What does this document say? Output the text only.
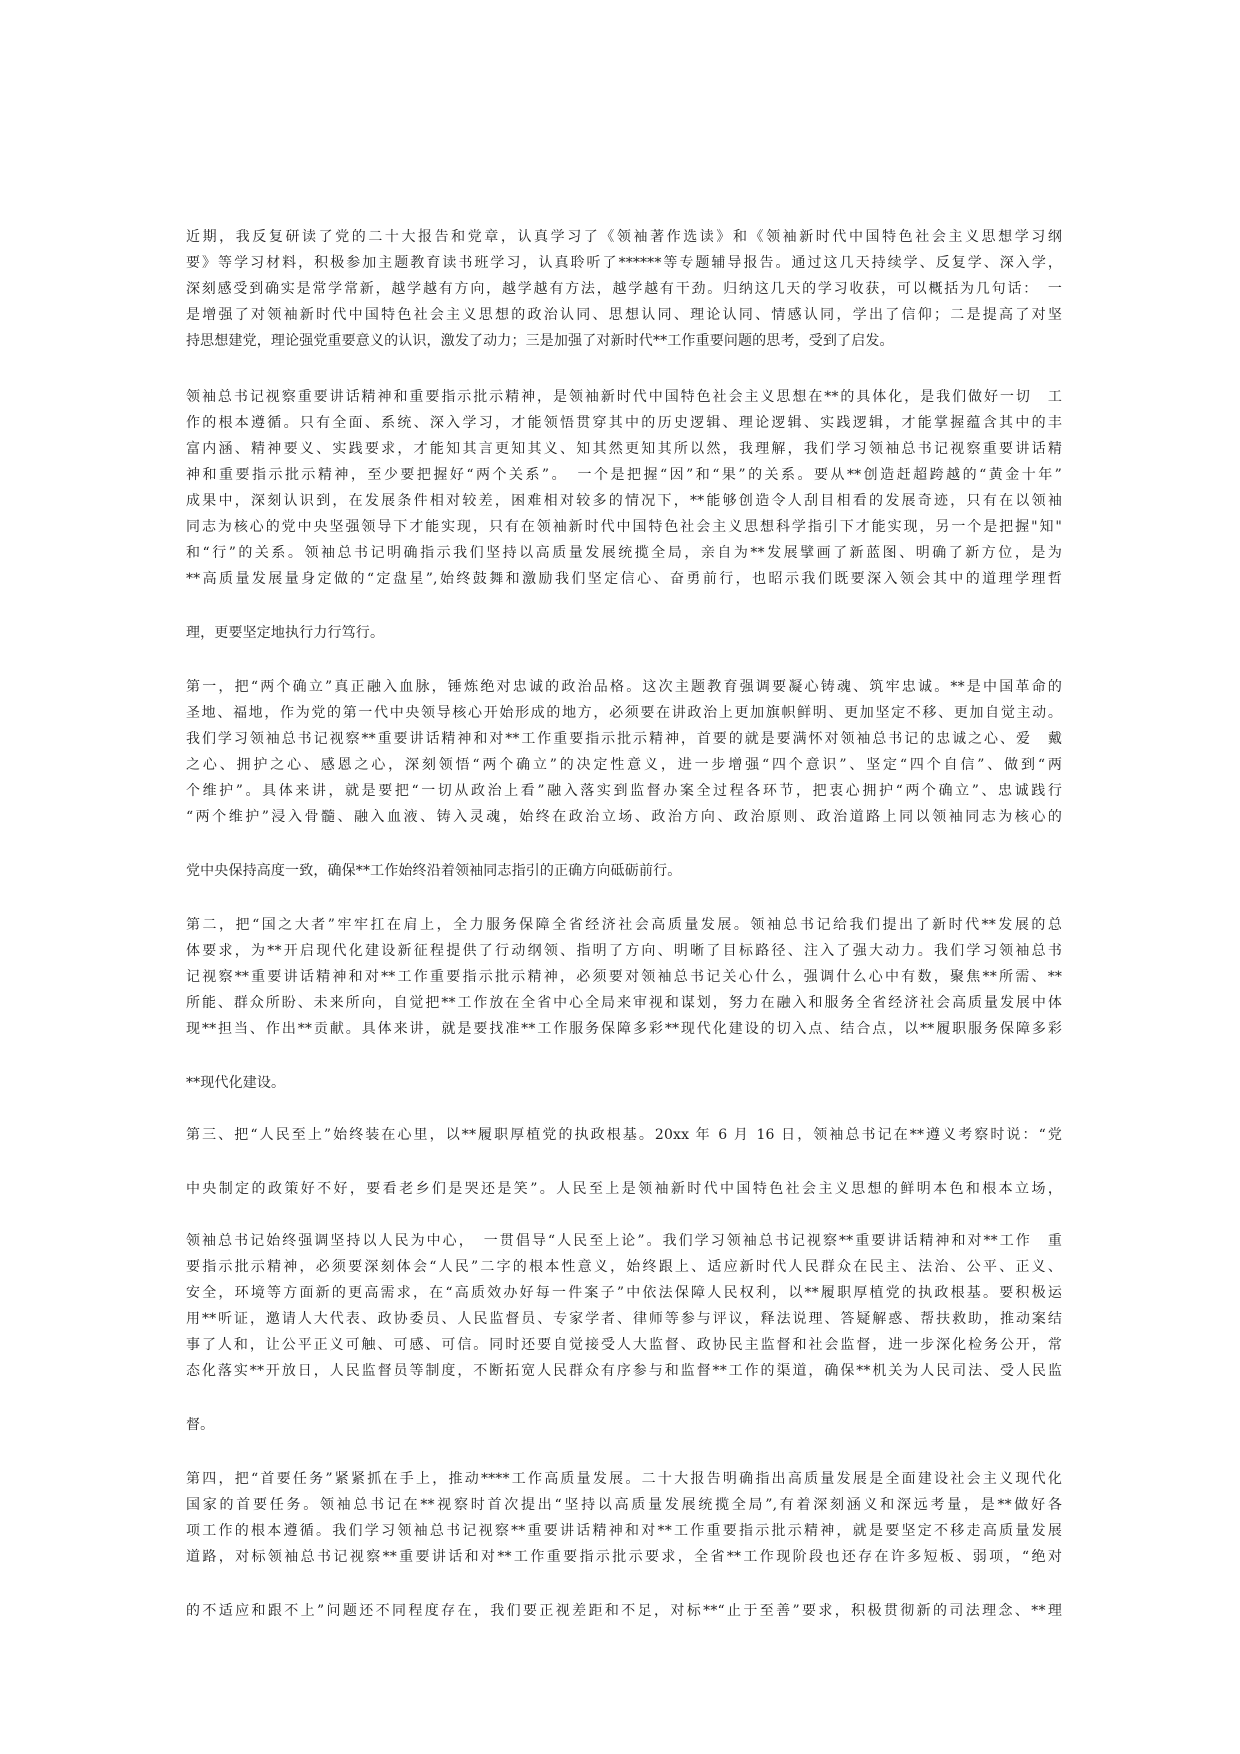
近期，我反复研读了党的二十大报告和党章，认真学习了《领袖著作选读》和《领袖新时代中国特色社会主义思想学习纲
要》等学习材料，积极参加主题教育读书班学习，认真聆听了******等专题辅导报告。通过这几天持续学、反复学、深入学，
深刻感受到确实是常学常新，越学越有方向，越学越有方法，越学越有干劲。归纳这几天的学习收获，可以概括为几句话：　一
是增强了对领袖新时代中国特色社会主义思想的政治认同、思想认同、理论认同、情感认同，学出了信仰；二是提高了对坚
持思想建党，理论强党重要意义的认识，激发了动力；三是加强了对新时代**工作重要问题的思考，受到了启发。
领袖总书记视察重要讲话精神和重要指示批示精神，是领袖新时代中国特色社会主义思想在**的具体化，是我们做好一切　工
作的根本遵循。只有全面、系统、深入学习，才能领悟贯穿其中的历史逻辑、理论逻辑、实践逻辑，才能掌握蕴含其中的丰
富内涵、精神要义、实践要求，才能知其言更知其义、知其然更知其所以然，我理解，我们学习领袖总书记视察重要讲话精
神和重要指示批示精神，至少要把握好“两个关系”。　一个是把握“因”和“果”的关系。要从**创造赶超跨越的“黄金十年”
成果中，深刻认识到，在发展条件相对较差，困难相对较多的情况下，**能够创造令人刮目相看的发展奇迹，只有在以领袖
同志为核心的党中央坚强领导下才能实现，只有在领袖新时代中国特色社会主义思想科学指引下才能实现，另一个是把握"知"
和“行”的关系。领袖总书记明确指示我们坚持以高质量发展统揽全局，亲自为**发展擘画了新蓝图、明确了新方位，是为
**高质量发展量身定做的“定盘星”,始终鼓舞和激励我们坚定信心、奋勇前行，也昭示我们既要深入领会其中的道理学理哲
理，更要坚定地执行力行笃行。
第一，把“两个确立”真正融入血脉，锤炼绝对忠诚的政治品格。这次主题教育强调要凝心铸魂、筑牢忠诚。**是中国革命的
圣地、福地，作为党的第一代中央领导核心开始形成的地方，必须要在讲政治上更加旗帜鲜明、更加坚定不移、更加自觉主动。
我们学习领袖总书记视察**重要讲话精神和对**工作重要指示批示精神，首要的就是要满怀对领袖总书记的忠诚之心、爱　戴
之心、拥护之心、感恩之心，深刻领悟“两个确立”的决定性意义，进一步增强“四个意识”、坚定“四个自信”、做到“两
个维护”。具体来讲，就是要把“一切从政治上看”融入落实到监督办案全过程各环节，把衷心拥护“两个确立”、忠诚践行
“两个维护”浸入骨髓、融入血液、铸入灵魂，始终在政治立场、政治方向、政治原则、政治道路上同以领袖同志为核心的
党中央保持高度一致，确保**工作始终沿着领袖同志指引的正确方向砥砺前行。
第二，把“国之大者”牢牢扛在肩上，全力服务保障全省经济社会高质量发展。领袖总书记给我们提出了新时代**发展的总
体要求，为**开启现代化建设新征程提供了行动纲领、指明了方向、明晰了目标路径、注入了强大动力。我们学习领袖总书
记视察**重要讲话精神和对**工作重要指示批示精神，必须要对领袖总书记关心什么，强调什么心中有数，聚焦**所需、**
所能、群众所盼、未来所向，自觉把**工作放在全省中心全局来审视和谋划，努力在融入和服务全省经济社会高质量发展中体
现**担当、作出**贡献。具体来讲，就是要找准**工作服务保障多彩**现代化建设的切入点、结合点，以**履职服务保障多彩
**现代化建设。
第三、把“人民至上”始终装在心里，以**履职厚植党的执政根基。20xx 年 6 月 16 日，领袖总书记在**遵义考察时说：“党
中央制定的政策好不好，要看老乡们是哭还是笑”。人民至上是领袖新时代中国特色社会主义思想的鲜明本色和根本立场，
领袖总书记始终强调坚持以人民为中心，　一贯倡导“人民至上论”。我们学习领袖总书记视察**重要讲话精神和对**工作　重
要指示批示精神，必须要深刻体会“人民”二字的根本性意义，始终跟上、适应新时代人民群众在民主、法治、公平、正义、
安全，环境等方面新的更高需求，在“高质效办好每一件案子”中依法保障人民权利，以**履职厚植党的执政根基。要积极运
用**听证，邀请人大代表、政协委员、人民监督员、专家学者、律师等参与评议，释法说理、答疑解惑、帮扶救助，推动案结
事了人和，让公平正义可触、可感、可信。同时还要自觉接受人大监督、政协民主监督和社会监督，进一步深化检务公开，常
态化落实**开放日，人民监督员等制度，不断拓宽人民群众有序参与和监督**工作的渠道，确保**机关为人民司法、受人民监
督。
第四，把“首要任务”紧紧抓在手上，推动****工作高质量发展。二十大报告明确指出高质量发展是全面建设社会主义现代化
国家的首要任务。领袖总书记在**视察时首次提出“坚持以高质量发展统揽全局”,有着深刻涵义和深远考量，是**做好各
项工作的根本遵循。我们学习领袖总书记视察**重要讲话精神和对**工作重要指示批示精神，就是要坚定不移走高质量发展
道路，对标领袖总书记视察**重要讲话和对**工作重要指示批示要求，全省**工作现阶段也还存在许多短板、弱项，“绝对
的不适应和跟不上”问题还不同程度存在，我们要正视差距和不足，对标**“止于至善”要求，积极贯彻新的司法理念、**理
